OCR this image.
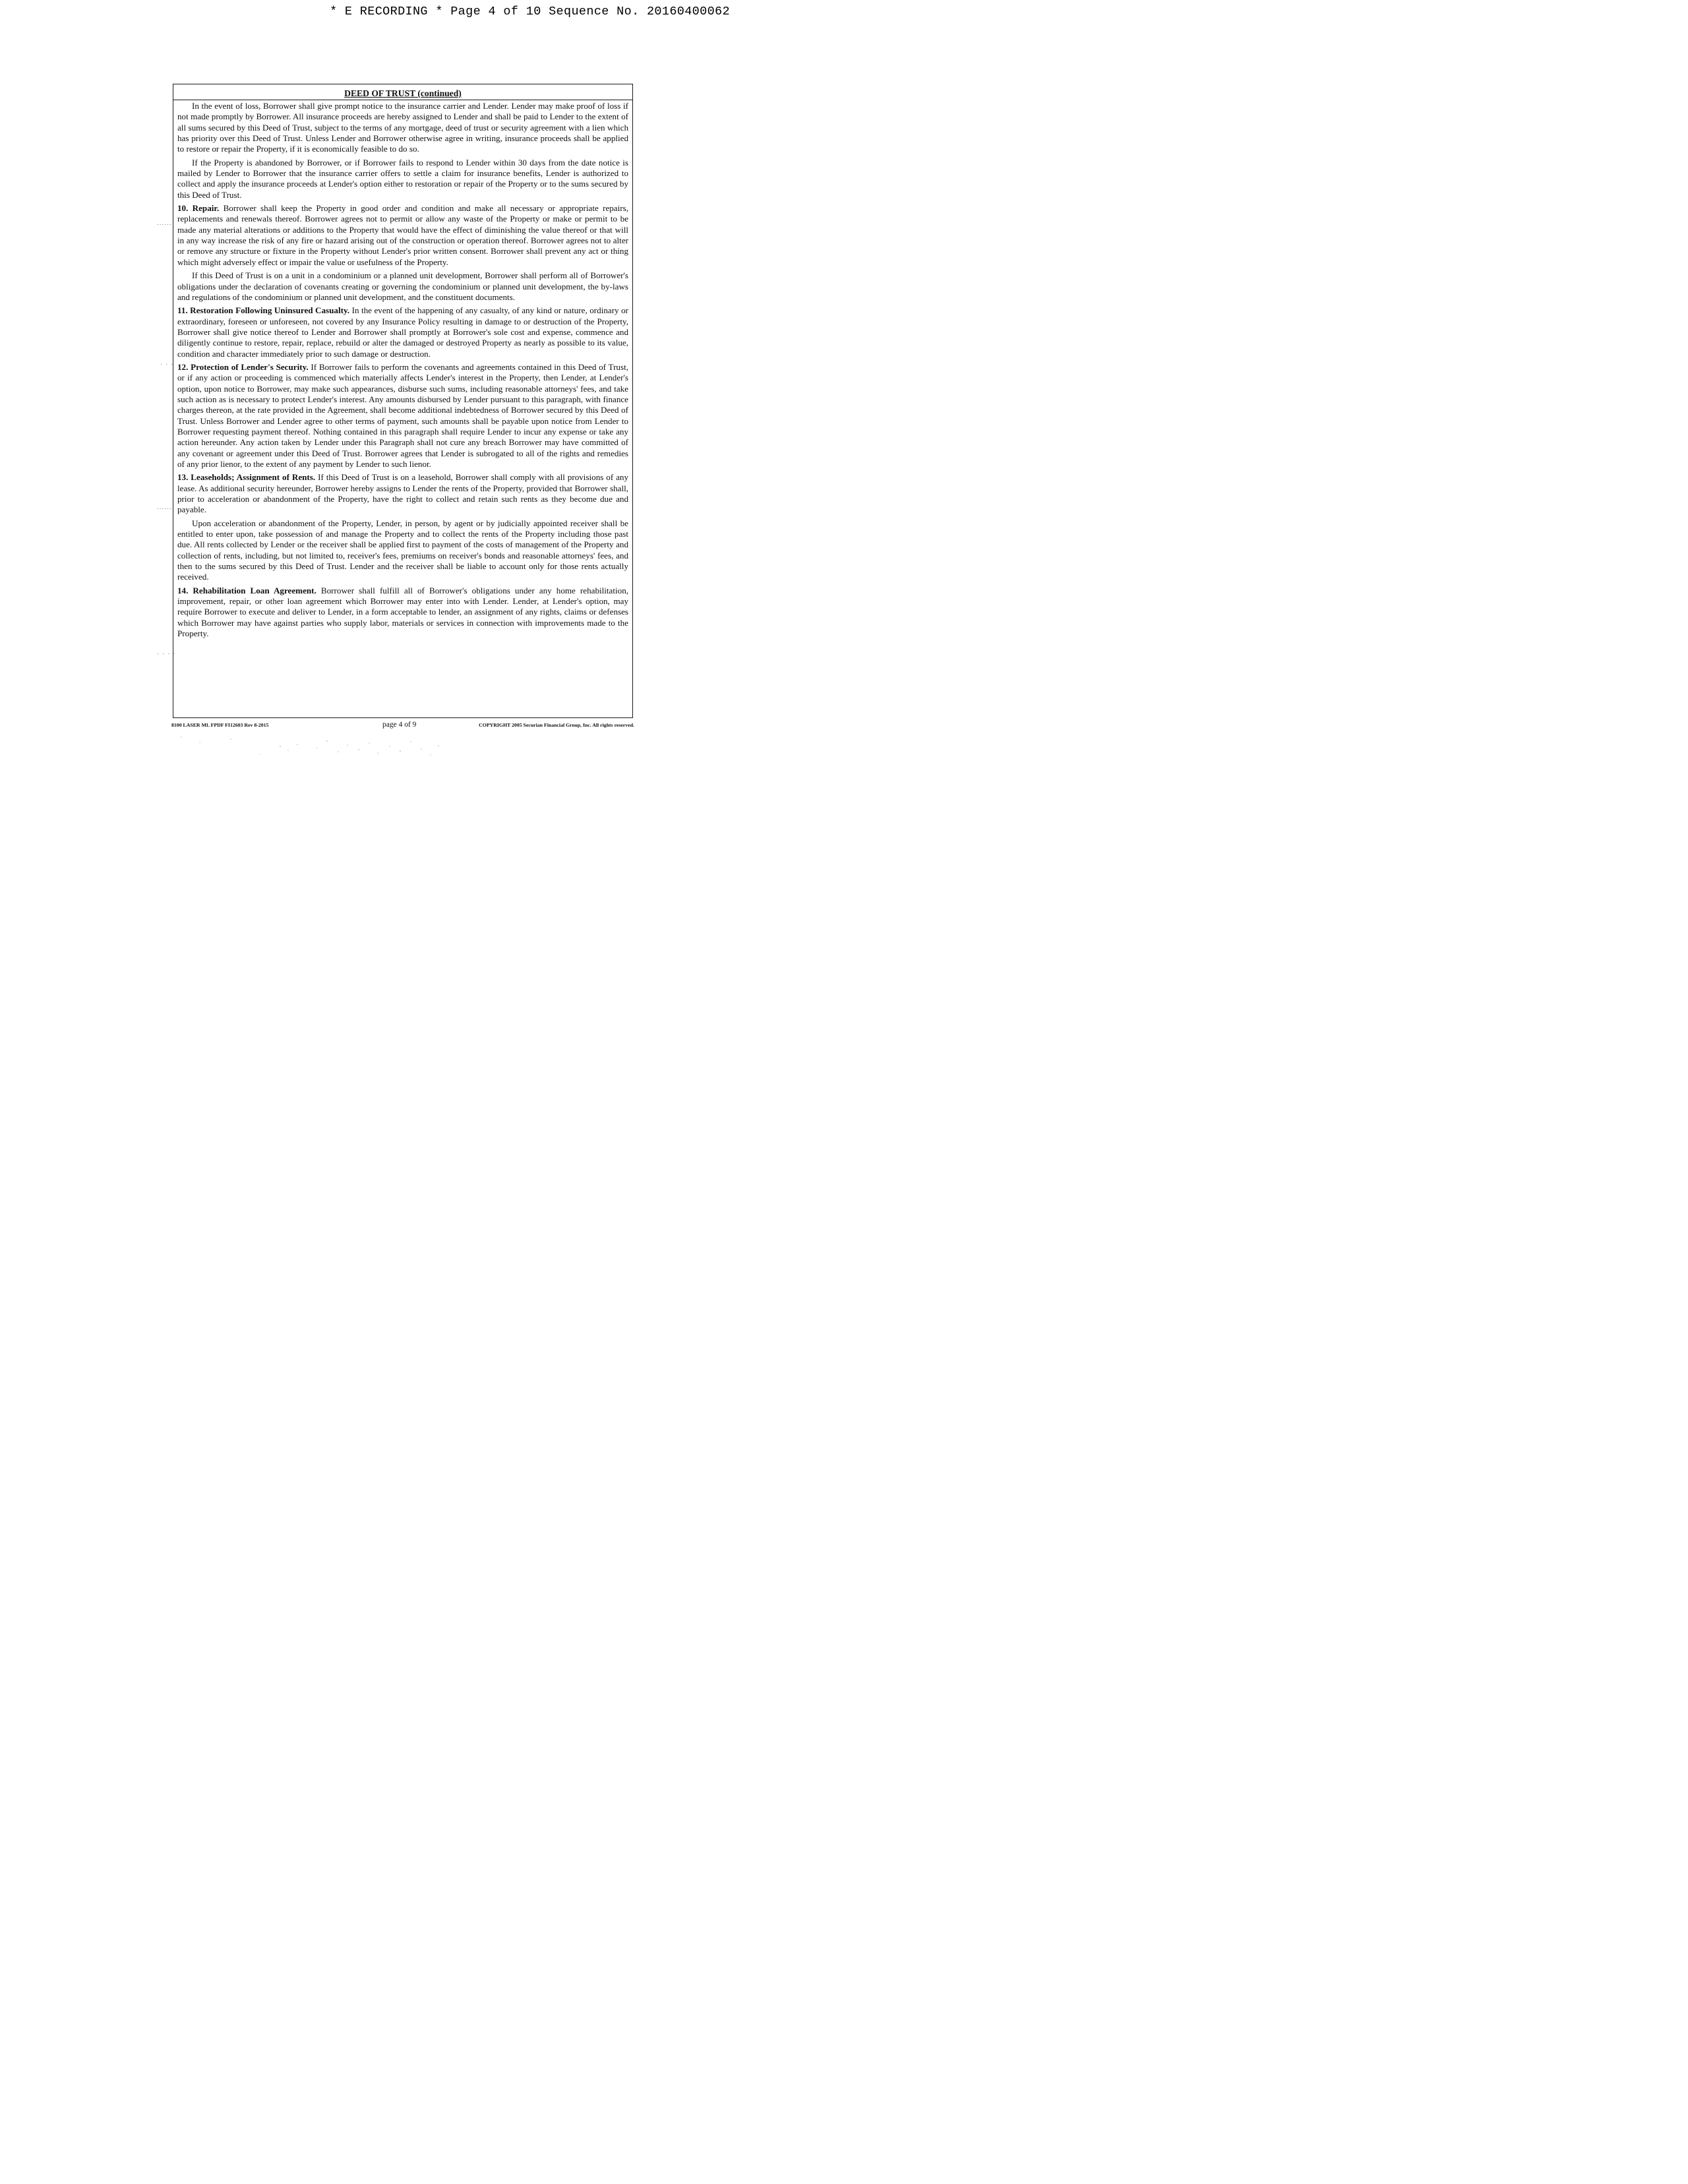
* E RECORDING * Page 4 of 10 Sequence No. 20160400062
......
· · ·
......
· · · ·
DEED OF TRUST (continued)

In the event of loss, Borrower shall give prompt notice to the insurance carrier and Lender. Lender may make proof of loss if not made promptly by Borrower. All insurance proceeds are hereby assigned to Lender and shall be paid to Lender to the extent of all sums secured by this Deed of Trust, subject to the terms of any mortgage, deed of trust or security agreement with a lien which has priority over this Deed of Trust. Unless Lender and Borrower otherwise agree in writing, insurance proceeds shall be applied to restore or repair the Property, if it is economically feasible to do so.

If the Property is abandoned by Borrower, or if Borrower fails to respond to Lender within 30 days from the date notice is mailed by Lender to Borrower that the insurance carrier offers to settle a claim for insurance benefits, Lender is authorized to collect and apply the insurance proceeds at Lender's option either to restoration or repair of the Property or to the sums secured by this Deed of Trust.

10. Repair. Borrower shall keep the Property in good order and condition and make all necessary or appropriate repairs, replacements and renewals thereof. Borrower agrees not to permit or allow any waste of the Property or make or permit to be made any material alterations or additions to the Property that would have the effect of diminishing the value thereof or that will in any way increase the risk of any fire or hazard arising out of the construction or operation thereof. Borrower agrees not to alter or remove any structure or fixture in the Property without Lender's prior written consent. Borrower shall prevent any act or thing which might adversely effect or impair the value or usefulness of the Property.

If this Deed of Trust is on a unit in a condominium or a planned unit development, Borrower shall perform all of Borrower's obligations under the declaration of covenants creating or governing the condominium or planned unit development, the by-laws and regulations of the condominium or planned unit development, and the constituent documents.

11. Restoration Following Uninsured Casualty. In the event of the happening of any casualty, of any kind or nature, ordinary or extraordinary, foreseen or unforeseen, not covered by any Insurance Policy resulting in damage to or destruction of the Property, Borrower shall give notice thereof to Lender and Borrower shall promptly at Borrower's sole cost and expense, commence and diligently continue to restore, repair, replace, rebuild or alter the damaged or destroyed Property as nearly as possible to its value, condition and character immediately prior to such damage or destruction.

12. Protection of Lender's Security. If Borrower fails to perform the covenants and agreements contained in this Deed of Trust, or if any action or proceeding is commenced which materially affects Lender's interest in the Property, then Lender, at Lender's option, upon notice to Borrower, may make such appearances, disburse such sums, including reasonable attorneys' fees, and take such action as is necessary to protect Lender's interest. Any amounts disbursed by Lender pursuant to this paragraph, with finance charges thereon, at the rate provided in the Agreement, shall become additional indebtedness of Borrower secured by this Deed of Trust. Unless Borrower and Lender agree to other terms of payment, such amounts shall be payable upon notice from Lender to Borrower requesting payment thereof. Nothing contained in this paragraph shall require Lender to incur any expense or take any action hereunder. Any action taken by Lender under this Paragraph shall not cure any breach Borrower may have committed of any covenant or agreement under this Deed of Trust. Borrower agrees that Lender is subrogated to all of the rights and remedies of any prior lienor, to the extent of any payment by Lender to such lienor.

13. Leaseholds; Assignment of Rents. If this Deed of Trust is on a leasehold, Borrower shall comply with all provisions of any lease. As additional security hereunder, Borrower hereby assigns to Lender the rents of the Property, provided that Borrower shall, prior to acceleration or abandonment of the Property, have the right to collect and retain such rents as they become due and payable.

Upon acceleration or abandonment of the Property, Lender, in person, by agent or by judicially appointed receiver shall be entitled to enter upon, take possession of and manage the Property and to collect the rents of the Property including those past due. All rents collected by Lender or the receiver shall be applied first to payment of the costs of management of the Property and collection of rents, including, but not limited to, receiver's fees, premiums on receiver's bonds and reasonable attorneys' fees, and then to the sums secured by this Deed of Trust. Lender and the receiver shall be liable to account only for those rents actually received.

14. Rehabilitation Loan Agreement. Borrower shall fulfill all of Borrower's obligations under any home rehabilitation, improvement, repair, or other loan agreement which Borrower may enter into with Lender. Lender, at Lender's option, may require Borrower to execute and deliver to Lender, in a form acceptable to lender, an assignment of any rights, claims or defenses which Borrower may have against parties who supply labor, materials or services in connection with improvements made to the Property.

8100 LASER ML FPDF FI12603 Rev 8-2015	page 4 of 9	COPYRIGHT 2005 Securian Financial Group, Inc. All rights reserved.
